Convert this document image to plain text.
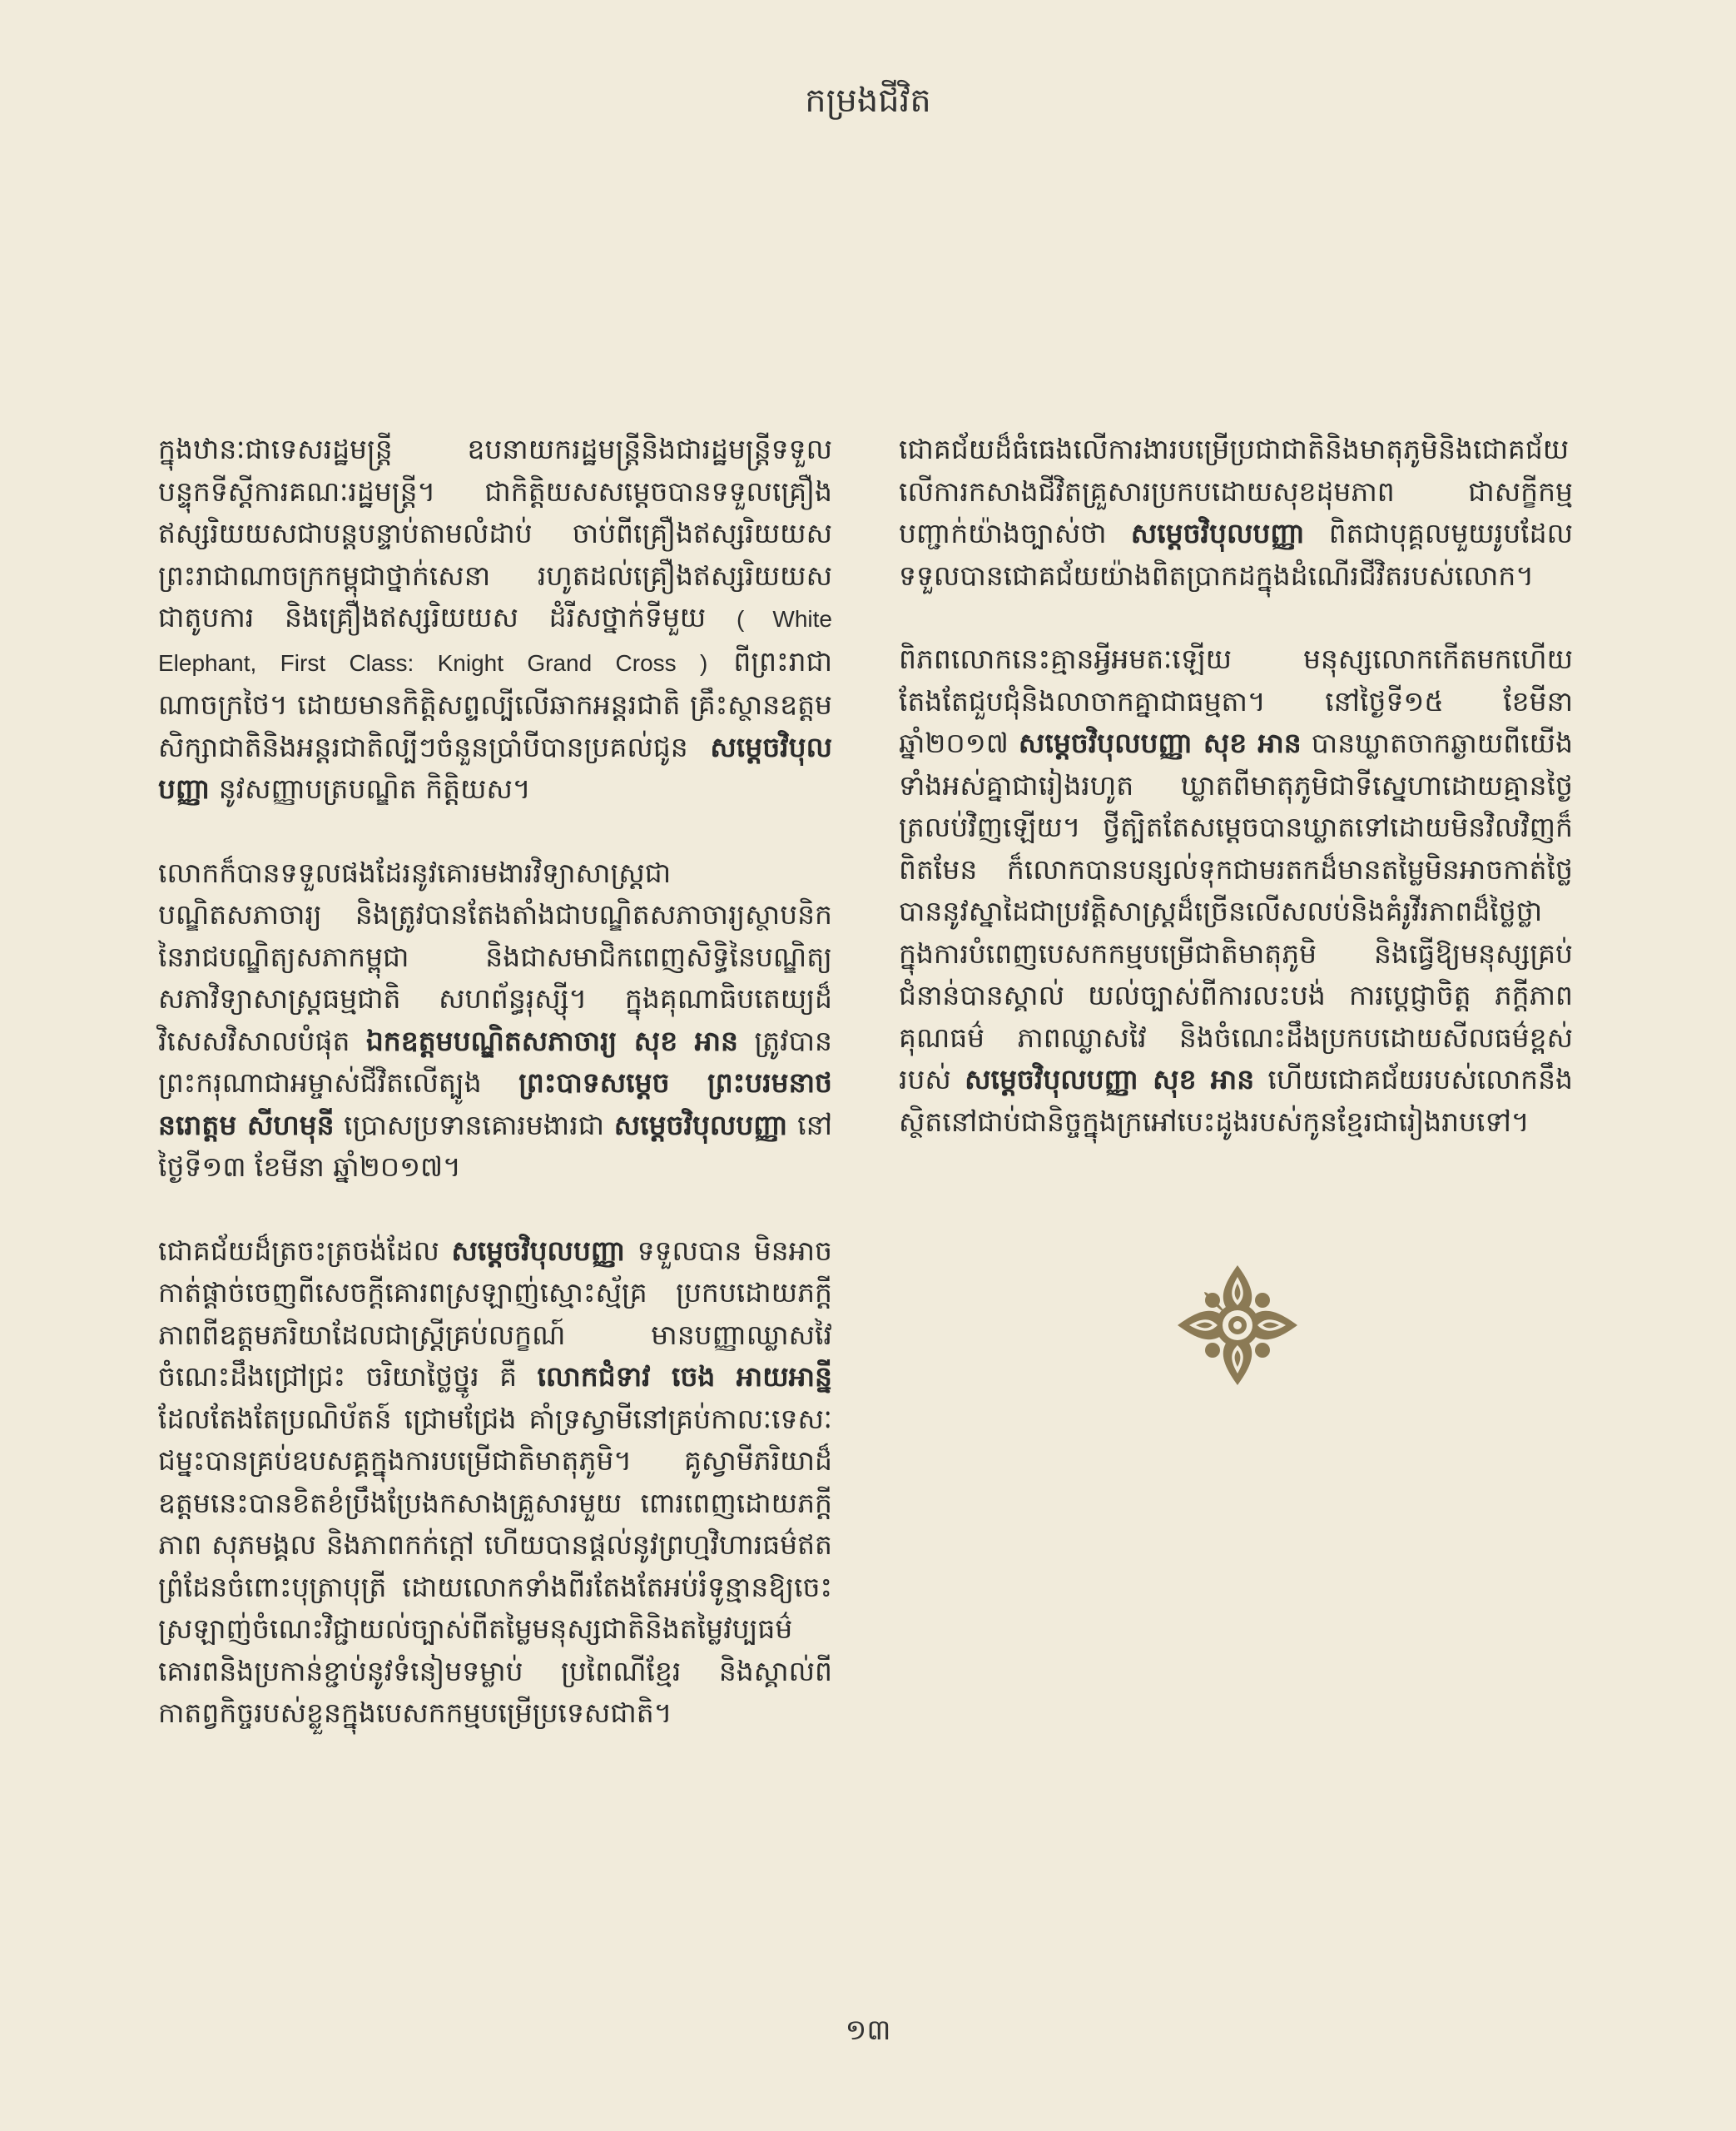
កម្រងជីវិត

ក្នុងឋានៈជាទេសរដ្ឋមន្ត្រី ឧបនាយករដ្ឋមន្ត្រីនិងជារដ្ឋមន្ត្រីទទួលបន្ទុកទីស្តីការគណៈរដ្ឋមន្ត្រី។ ជាកិត្តិយសសម្តេចបានទទួលគ្រឿងឥស្សរិយយសជាបន្តបន្ទាប់តាមលំដាប់ ចាប់ពីគ្រឿងឥស្សរិយយស ព្រះរាជាណាចក្រកម្ពុជាថ្នាក់សេនា រហូតដល់គ្រឿងឥស្សរិយយស ជាតូបការ និងគ្រឿងឥស្សរិយយស ដំរីសថ្នាក់ទីមួយ ( White Elephant, First Class: Knight Grand Cross ) ពីព្រះរាជាណាចក្រថៃ។ ដោយមានកិត្តិសព្ទល្បីលើឆាកអន្តរជាតិ គ្រឹះស្ថានឧត្តមសិក្សាជាតិនិងអន្តរជាតិល្បីៗចំនួនប្រាំបីបានប្រគល់ជូន សម្តេចវិបុលបញ្ញា នូវសញ្ញាបត្របណ្ឌិត កិត្តិយស។

លោកក៏បានទទួលផងដែរនូវគោរមងារវិទ្យាសាស្ត្រជាបណ្ឌិតសភាចារ្យ និងត្រូវបានតែងតាំងជាបណ្ឌិតសភាចារ្យស្ថាបនិកនៃរាជបណ្ឌិត្យសភាកម្ពុជា និងជាសមាជិកពេញសិទ្ធិនៃបណ្ឌិត្យសភាវិទ្យាសាស្ត្រធម្មជាតិ សហព័ន្ធរុស្ស៊ី។ ក្នុងគុណាធិបតេយ្យដ៏វិសេសវិសាលបំផុត ឯកឧត្តមបណ្ឌិតសភាចារ្យ សុខ អាន ត្រូវបានព្រះករុណាជាអម្ចាស់ជីវិតលើត្បូង ព្រះបាទសម្តេច ព្រះបរមនាថ នរោត្តម សីហមុនី ប្រោសប្រទានគោរមងារជា សម្តេចវិបុលបញ្ញា នៅថ្ងៃទី១៣ ខែមីនា ឆ្នាំ២០១៧។

ជោគជ័យដ៏ត្រចះត្រចង់ដែល សម្តេចវិបុលបញ្ញា ទទួលបាន មិនអាចកាត់ផ្តាច់ចេញពីសេចក្តីគោរពស្រឡាញ់ស្មោះស្ម័គ្រ ប្រកបដោយភក្តីភាពពីឧត្តមភរិយាដែលជាស្ត្រីគ្រប់លក្ខណ៍ មានបញ្ញាឈ្លាសវៃ ចំណេះដឹងជ្រៅជ្រះ ចរិយាថ្លៃថ្នូរ គឺ លោកជំទាវ ចេង អាយអាន្នី ដែលតែងតែប្រណិប័តន៍ ជ្រោមជ្រែង គាំទ្រស្វាមីនៅគ្រប់កាលៈទេសៈ ជម្នះបានគ្រប់ឧបសគ្គក្នុងការបម្រើជាតិមាតុភូមិ។ គូស្វាមីភរិយាដ៏ឧត្តមនេះបានខិតខំប្រឹងប្រែងកសាងគ្រួសារមួយ ពោរពេញដោយភក្តីភាព សុភមង្គល និងភាពកក់ក្តៅ ហើយបានផ្តល់នូវព្រហ្មវិហារធម៌ឥតព្រំដែនចំពោះបុត្រាបុត្រី ដោយលោកទាំងពីរតែងតែអប់រំទូន្មានឱ្យចេះស្រឡាញ់ចំណេះវិជ្ជាយល់ច្បាស់ពីតម្លៃមនុស្សជាតិនិងតម្លៃវប្បធម៌ គោរពនិងប្រកាន់ខ្ជាប់នូវទំនៀមទម្លាប់ ប្រពៃណីខ្មែរ និងស្គាល់ពីកាតព្វកិច្ចរបស់ខ្លួនក្នុងបេសកកម្មបម្រើប្រទេសជាតិ។

ជោគជ័យដ៏ធំធេងលើការងារបម្រើប្រជាជាតិនិងមាតុភូមិនិងជោគជ័យលើការកសាងជីវិតគ្រួសារប្រកបដោយសុខដុមភាព ជាសក្ខីកម្មបញ្ជាក់យ៉ាងច្បាស់ថា សម្តេចវិបុលបញ្ញា ពិតជាបុគ្គលមួយរូបដែលទទួលបានជោគជ័យយ៉ាងពិតប្រាកដក្នុងដំណើរជីវិតរបស់លោក។

ពិភពលោកនេះគ្មានអ្វីអមតៈឡើយ មនុស្សលោកកើតមកហើយតែងតែជួបជុំនិងលាចាកគ្នាជាធម្មតា។ នៅថ្ងៃទី១៥ ខែមីនា ឆ្នាំ២០១៧ សម្តេចវិបុលបញ្ញា សុខ អាន បានឃ្លាតចាកឆ្ងាយពីយើងទាំងអស់គ្នាជារៀងរហូត ឃ្លាតពីមាតុភូមិជាទីស្នេហាដោយគ្មានថ្ងៃត្រលប់វិញឡើយ។ ថ្វីត្បិតតែសម្តេចបានឃ្លាតទៅដោយមិនវិលវិញក៏ពិតមែន ក៏លោកបានបន្សល់ទុកជាមរតកដ៏មានតម្លៃមិនអាចកាត់ថ្លៃបាននូវស្នាដៃជាប្រវត្តិសាស្ត្រដ៏ច្រើនលើសលប់និងគំរូវីរភាពដ៏ថ្លៃថ្លាក្នុងការបំពេញបេសកកម្មបម្រើជាតិមាតុភូមិ និងធ្វើឱ្យមនុស្សគ្រប់ជំនាន់បានស្គាល់ យល់ច្បាស់ពីការលះបង់ ការប្តេជ្ញាចិត្ត ភក្តីភាព គុណធម៌ ភាពឈ្លាសវៃ និងចំណេះដឹងប្រកបដោយសីលធម៌ខ្ពស់របស់ សម្តេចវិបុលបញ្ញា សុខ អាន ហើយជោគជ័យរបស់លោកនឹងស្ថិតនៅជាប់ជានិច្ចក្នុងក្រអៅបេះដូងរបស់កូនខ្មែរជារៀងរាបទៅ។

១៣
